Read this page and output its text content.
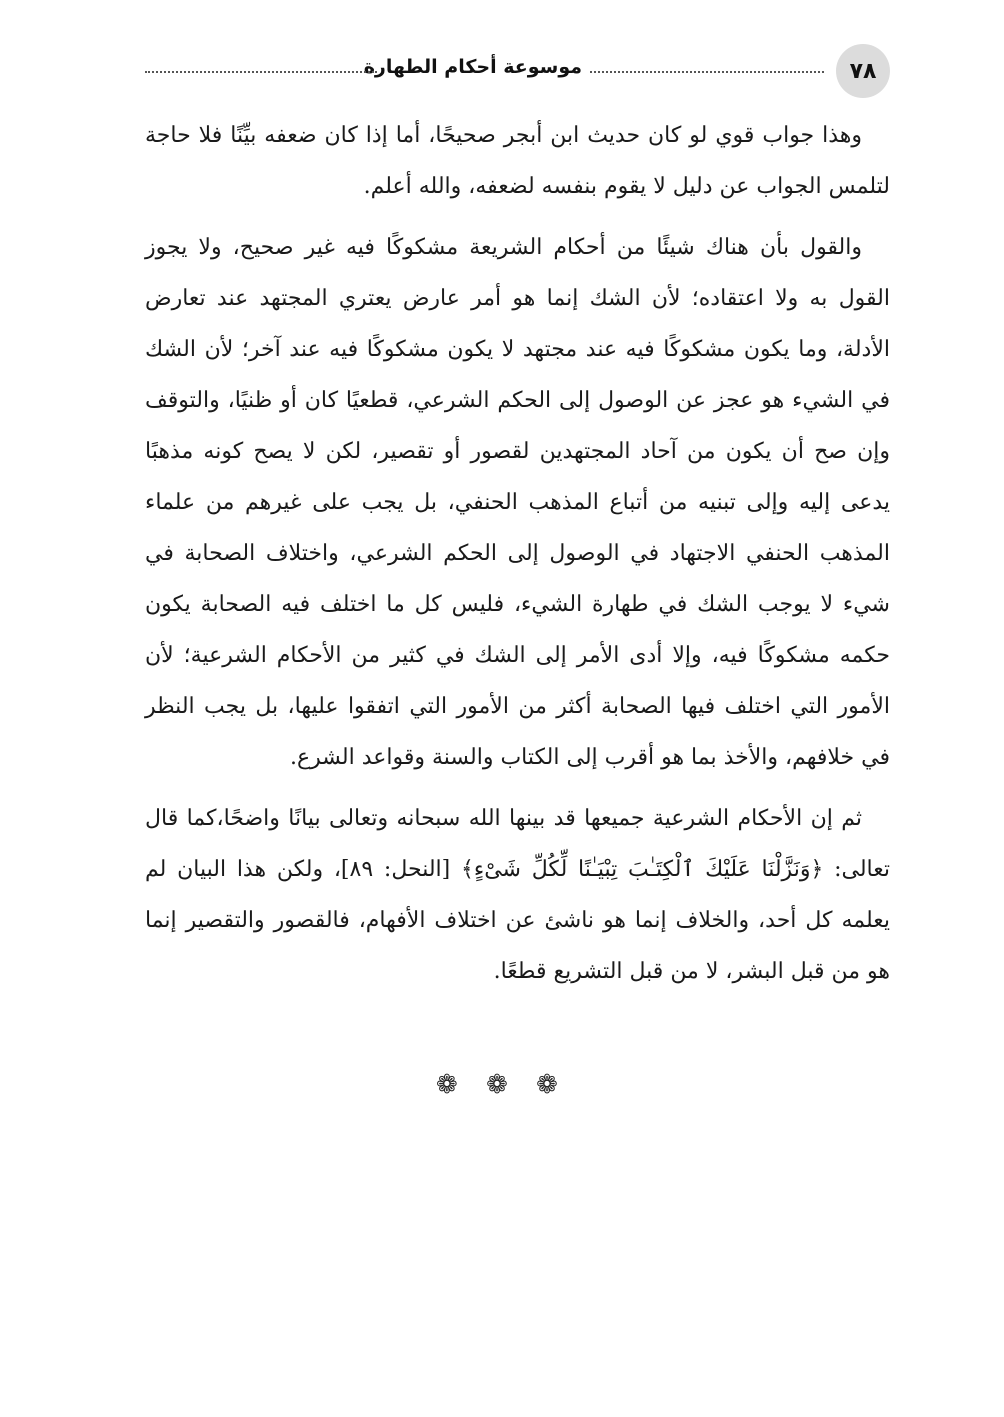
٧٨
موسوعة أحكام الطهارة

وهذا جواب قوي لو كان حديث ابن أبجر صحيحًا، أما إذا كان ضعفه بيِّنًا فلا حاجة لتلمس الجواب عن دليل لا يقوم بنفسه لضعفه، والله أعلم.

والقول بأن هناك شيئًا من أحكام الشريعة مشكوكًا فيه غير صحيح، ولا يجوز القول به ولا اعتقاده؛ لأن الشك إنما هو أمر عارض يعتري المجتهد عند تعارض الأدلة، وما يكون مشكوكًا فيه عند مجتهد لا يكون مشكوكًا فيه عند آخر؛ لأن الشك في الشيء هو عجز عن الوصول إلى الحكم الشرعي، قطعيًا كان أو ظنيًا، والتوقف وإن صح أن يكون من آحاد المجتهدين لقصور أو تقصير، لكن لا يصح كونه مذهبًا يدعى إليه وإلى تبنيه من أتباع المذهب الحنفي، بل يجب على غيرهم من علماء المذهب الحنفي الاجتهاد في الوصول إلى الحكم الشرعي، واختلاف الصحابة في شيء لا يوجب الشك في طهارة الشيء، فليس كل ما اختلف فيه الصحابة يكون حكمه مشكوكًا فيه، وإلا أدى الأمر إلى الشك في كثير من الأحكام الشرعية؛ لأن الأمور التي اختلف فيها الصحابة أكثر من الأمور التي اتفقوا عليها، بل يجب النظر في خلافهم، والأخذ بما هو أقرب إلى الكتاب والسنة وقواعد الشرع.

ثم إن الأحكام الشرعية جميعها قد بينها الله سبحانه وتعالى بيانًا واضحًا،كما قال تعالى: ﴿وَنَزَّلْنَا عَلَيْكَ ٱلْكِتَـٰبَ تِبْيَـٰنًا لِّكُلِّ شَىْءٍ﴾ [النحل: ٨٩]، ولكن هذا البيان لم يعلمه كل أحد، والخلاف إنما هو ناشئ عن اختلاف الأفهام، فالقصور والتقصير إنما هو من قبل البشر، لا من قبل التشريع قطعًا.

❁ ❁ ❁
